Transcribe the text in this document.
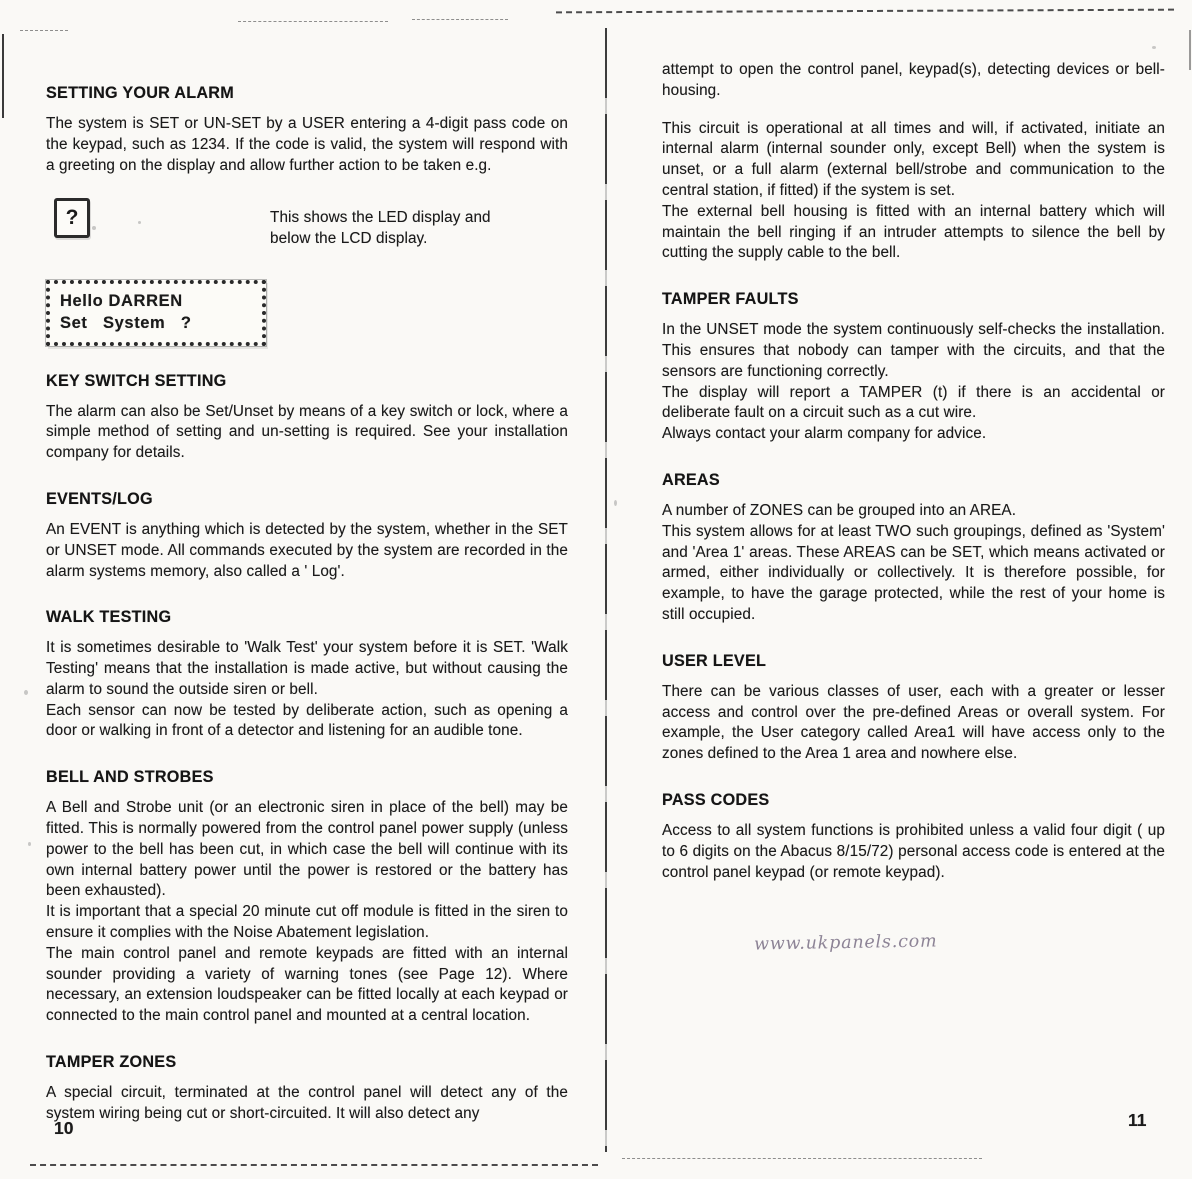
SETTING YOUR ALARM

The system is SET or UN-SET by a USER entering a 4-digit pass code on the keypad, such as 1234. If the code is valid, the system will respond with a greeting on the display and allow further action to be taken e.g.

?	This shows the LED display and below the LCD display.

Hello DARREN
Set   System   ?
KEY SWITCH SETTING

The alarm can also be Set/Unset by means of a key switch or lock, where a simple method of setting and un-setting is required. See your installation company for details.

EVENTS/LOG

An EVENT is anything which is detected by the system, whether in the SET or UNSET mode. All commands executed by the system are recorded in the alarm systems memory, also called a ' Log'.

WALK TESTING

It is sometimes desirable to 'Walk Test' your system before it is SET. 'Walk Testing' means that the installation is made active, but without causing the alarm to sound the outside siren or bell.

Each sensor can now be tested by deliberate action, such as opening a door or walking in front of a detector and listening for an audible tone.

BELL AND STROBES

A Bell and Strobe unit (or an electronic siren in place of the bell) may be fitted. This is normally powered from the control panel power supply (unless power to the bell has been cut, in which case the bell will continue with its own internal battery power until the power is restored or the battery has been exhausted).

It is important that a special 20 minute cut off module is fitted in the siren to ensure it complies with the Noise Abatement legislation.

The main control panel and remote keypads are fitted with an internal sounder providing a variety of warning tones (see Page 12). Where necessary, an extension loudspeaker can be fitted locally at each keypad or connected to the main control panel and mounted at a central location.

TAMPER ZONES

A special circuit, terminated at the control panel will detect any of the system wiring being cut or short-circuited. It will also detect any

attempt to open the control panel, keypad(s), detecting devices or bell-housing.

This circuit is operational at all times and will, if activated, initiate an internal alarm (internal sounder only, except Bell) when the system is unset, or a full alarm (external bell/strobe and communication to the central station, if fitted) if the system is set.

The external bell housing is fitted with an internal battery which will maintain the bell ringing if an intruder attempts to silence the bell by cutting the supply cable to the bell.

TAMPER FAULTS

In the UNSET mode the system continuously self-checks the installation. This ensures that nobody can tamper with the circuits, and that the sensors are functioning correctly.

The display will report a TAMPER (t) if there is an accidental or deliberate fault on a circuit such as a cut wire.

Always contact your alarm company for advice.

AREAS

A number of ZONES can be grouped into an AREA.

This system allows for at least TWO such groupings, defined as 'System' and 'Area 1' areas. These AREAS can be SET, which means activated or armed, either individually or collectively. It is therefore possible, for example, to have the garage protected, while the rest of your home is still occupied.

USER LEVEL

There can be various classes of user, each with a greater or lesser access and control over the pre-defined Areas or overall system. For example, the User category called Area1 will have access only to the zones defined to the Area 1 area and nowhere else.

PASS CODES

Access to all system functions is prohibited unless a valid four digit ( up to 6 digits on the Abacus 8/15/72) personal access code is entered at the control panel keypad (or remote keypad).

www.ukpanels.com
10	11
